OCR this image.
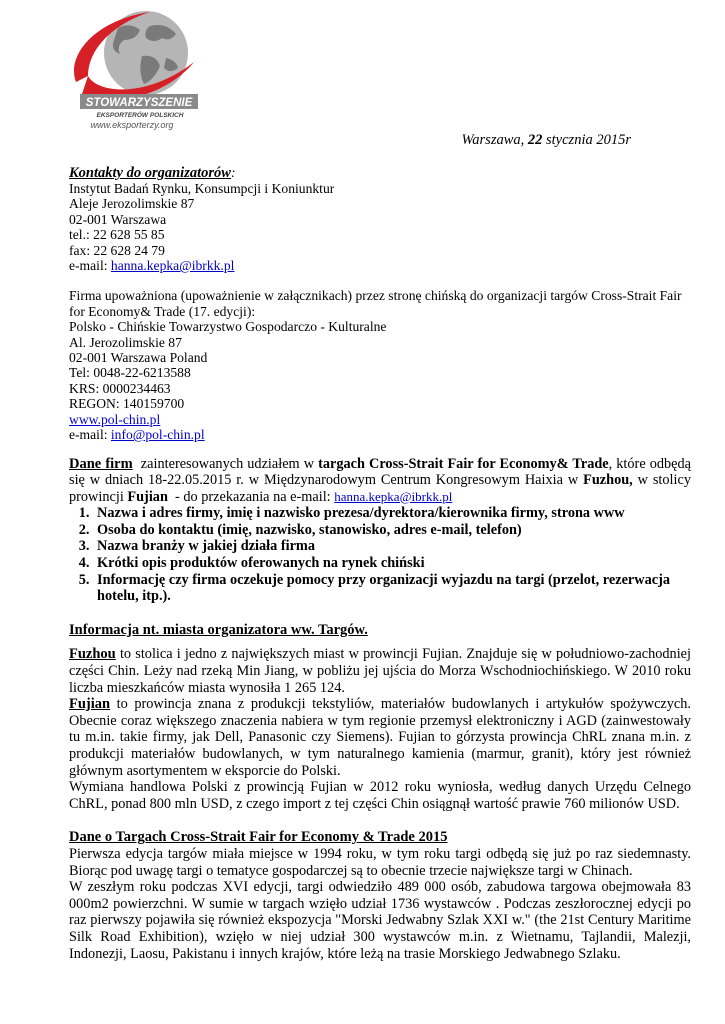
STOWARZYSZENIE
EKSPORTERÓW POLSKICH
www.eksporterzy.org
Warszawa, 22 stycznia 2015r
Kontakty do organizatorów:
Instytut Badań Rynku, Konsumpcji i Koniunktur
Aleje Jerozolimskie 87
02-001 Warszawa
tel.: 22 628 55 85
fax: 22 628 24 79
e-mail: hanna.kepka@ibrkk.pl
Firma upoważniona (upoważnienie w załącznikach) przez stronę chińską do organizacji targów Cross-Strait Fair for Economy& Trade (17. edycji):
Polsko - Chińskie Towarzystwo Gospodarczo - Kulturalne
Al. Jerozolimskie 87
02-001 Warszawa Poland
Tel: 0048-22-6213588
KRS: 0000234463
REGON: 140159700
www.pol-chin.pl
e-mail: info@pol-chin.pl
Dane firm  zainteresowanych udziałem w targach Cross-Strait Fair for Economy& Trade, które odbędą się w dniach 18-22.05.2015 r. w Międzynarodowym Centrum Kongresowym Haixia w Fuzhou, w stolicy prowincji Fujian  - do przekazania na e-mail: hanna.kepka@ibrkk.pl
1. Nazwa i adres firmy, imię i nazwisko prezesa/dyrektora/kierownika firmy, strona www
2. Osoba do kontaktu (imię, nazwisko, stanowisko, adres e-mail, telefon)
3. Nazwa branży w jakiej działa firma
4. Krótki opis produktów oferowanych na rynek chiński
5. Informację czy firma oczekuje pomocy przy organizacji wyjazdu na targi (przelot, rezerwacja hotelu, itp.).
Informacja nt. miasta organizatora ww. Targów.
Fuzhou to stolica i jedno z największych miast w prowincji Fujian. Znajduje się w południowo-zachodniej części Chin. Leży nad rzeką Min Jiang, w pobliżu jej ujścia do Morza Wschodniochińskiego. W 2010 roku liczba mieszkańców miasta wynosiła 1 265 124.
Fujian to prowincja znana z produkcji tekstyliów, materiałów budowlanych i artykułów spożywczych. Obecnie coraz większego znaczenia nabiera w tym regionie przemysł elektroniczny i AGD (zainwestowały tu m.in. takie firmy, jak Dell, Panasonic czy Siemens). Fujian to górzysta prowincja ChRL znana m.in. z produkcji materiałów budowlanych, w tym naturalnego kamienia (marmur, granit), który jest również głównym asortymentem w eksporcie do Polski.
Wymiana handlowa Polski z prowincją Fujian w 2012 roku wyniosła, według danych Urzędu Celnego ChRL, ponad 800 mln USD, z czego import z tej części Chin osiągnął wartość prawie 760 milionów USD.
Dane o Targach Cross-Strait Fair for Economy & Trade 2015
Pierwsza edycja targów miała miejsce w 1994 roku, w tym roku targi odbędą się już po raz siedemnasty. Biorąc pod uwagę targi o tematyce gospodarczej są to obecnie trzecie największe targi w Chinach.
W zeszłym roku podczas XVI edycji, targi odwiedziło 489 000 osób, zabudowa targowa obejmowała 83 000m2 powierzchni. W sumie w targach wzięło udział 1736 wystawców . Podczas zeszłorocznej edycji po raz pierwszy pojawiła się również ekspozycja "Morski Jedwabny Szlak XXI w." (the 21st Century Maritime Silk Road Exhibition), wzięło w niej udział 300 wystawców m.in. z Wietnamu, Tajlandii, Malezji, Indonezji, Laosu, Pakistanu i innych krajów, które leżą na trasie Morskiego Jedwabnego Szlaku.
